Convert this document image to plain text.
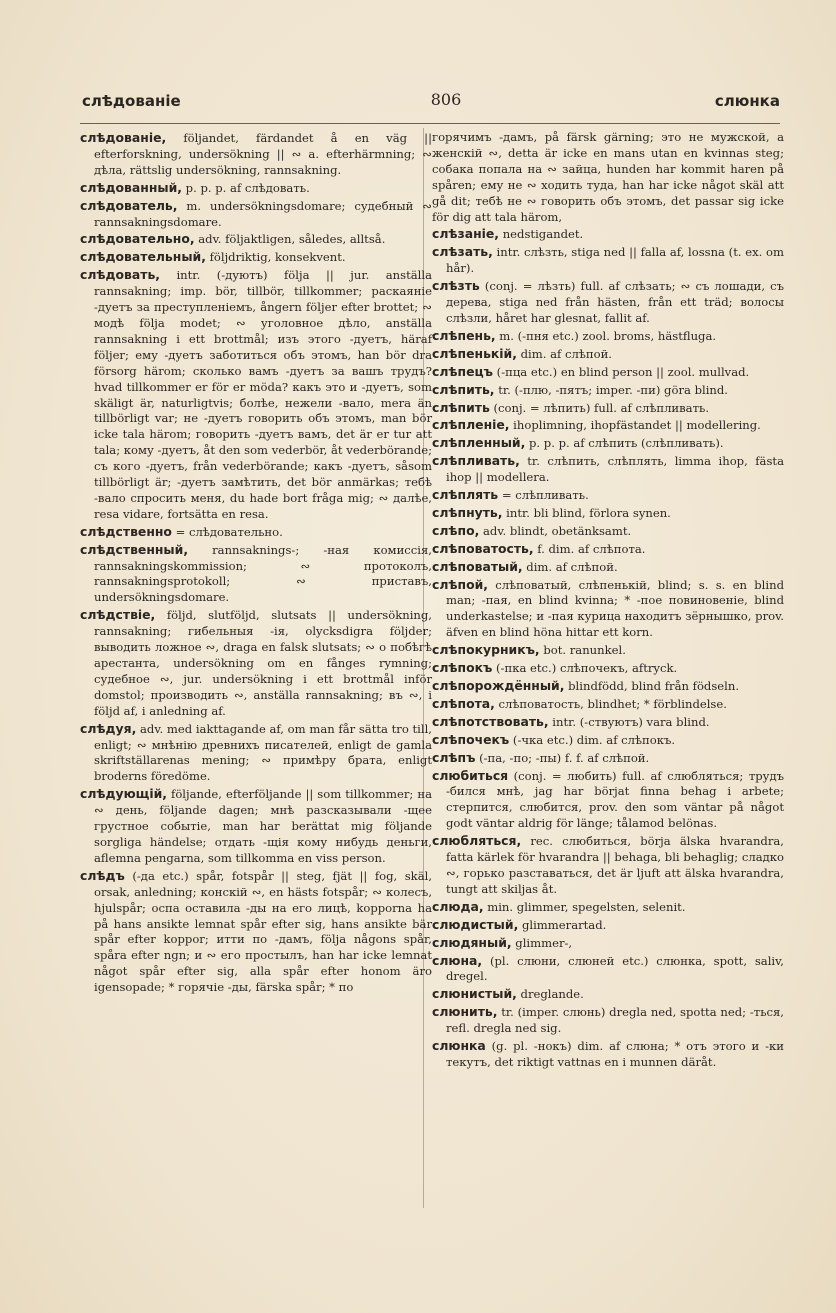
слѣдованіе	806	слюнка

слѣдованіе, följandet, färdandet å en väg || efterforskning, undersökning || ∾ a. efterhärmning; ∾ дѣла, rättslig undersökning, rannsakning.

слѣдованный, p. p. p. af слѣдовать.

слѣдователь, m. undersökningsdomare; судебный ∾ rannsakningsdomare.

слѣдовательно, adv. följaktligen, således, alltså.

слѣдовательный, följdriktig, konsekvent.

слѣдовать, intr. (-дуютъ) följa || jur. anställa rannsakning; imp. bör, tillbör, tillkommer; раскаяніе -дуетъ за преступленіемъ, ångern följer efter brottet; ∾ модѣ följa modet; ∾ уголовное дѣло, anställa rannsakning i ett brottmål; изъ этого -дуетъ, häraf följer; ему -дуетъ заботиться объ этомъ, han bör dra försorg härom; сколько вамъ -дуетъ за вашъ трудъ? hvad tillkommer er för er möda? какъ это и -дуетъ, som skäligt är, naturligtvis; болѣе, нежели -вало, mera än tillbörligt var; не -дуетъ говорить объ этомъ, man bör icke tala härom; говорить -дуетъ вамъ, det är er tur att tala; кому -дуетъ, åt den som vederbör, åt vederbörande; съ кого -дуетъ, från vederbörande; какъ -дуетъ, såsom tillbörligt är; -дуетъ замѣтить, det bör anmärkas; тебѣ -вало спросить меня, du hade bort fråga mig; ∾ далѣе, resa vidare, fortsätta en resa.

слѣдственно = слѣдовательно.

слѣдственный, rannsaknings-; -ная комиссія, rannsakningskommission; ∾ протоколъ, rannsakningsprotokoll; ∾ приставъ, undersökningsdomare.

слѣдствіе, följd, slutföljd, slutsats || undersökning, rannsakning; гибельныя -ія, olycksdigra följder; выводить ложное ∾, draga en falsk slutsats; ∾ о побѣгѣ арестанта, undersökning om en fånges rymning; судебное ∾, jur. undersökning i ett brottmål inför domstol; производить ∾, anställa rannsakning; въ ∾, i följd af, i anledning af.

слѣдуя, adv. med iakttagande af, om man får sätta tro till, enligt; ∾ мнѣнію древнихъ писателей, enligt de gamla skriftställarenas mening; ∾ примѣру брата, enligt broderns föredöme.

слѣдующій, följande, efterföljande || som tillkommer; на ∾ день, följande dagen; мнѣ разсказывали -щее грустное событіе, man har berättat mig följande sorgliga händelse; отдать -щія кому нибудь деньги, aflemna pengarna, som tillkomma en viss person.

слѣдъ (-да etc.) spår, fotspår || steg, fjät || fog, skäl, orsak, anledning; конскій ∾, en hästs fotspår; ∾ колесъ, hjulspår; оспа оставила -ды на его лицѣ, kopporna ha på hans ansikte lemnat spår efter sig, hans ansikte bär spår efter koppor; итти по -дамъ, följa någons spår, spåra efter ngn; и ∾ его простылъ, han har icke lemnat något spår efter sig, alla spår efter honom äro igensopade; * горячіе -ды, färska spår; * по

горячимъ -дамъ, på färsk gärning; это не мужской, а женскій ∾, detta är icke en mans utan en kvinnas steg; собака попала на ∾ зайца, hunden har kommit haren på spåren; ему не ∾ ходить туда, han har icke något skäl att gå dit; тебѣ не ∾ говорить объ этомъ, det passar sig icke för dig att tala härom,

слѣзаніе, nedstigandet.

слѣзать, intr. слѣзть, stiga ned || falla af, lossna (t. ex. om hår).

слѣзть (conj. = лѣзть) full. af слѣзать; ∾ съ лошади, съ дерева, stiga ned från hästen, från ett träd; волосы слѣзли, håret har glesnat, fallit af.

слѣпень, m. (-пня etc.) zool. broms, hästfluga.

слѣпенькій, dim. af слѣпой.

слѣпецъ (-пца etc.) en blind person || zool. mullvad.

слѣпить, tr. (-плю, -пятъ; imper. -пи) göra blind.

слѣпить (conj. = лѣпить) full. af слѣпливать.

слѣпленіе, ihoplimning, ihopfästandet || modellering.

слѣпленный, p. p. p. af слѣпить (слѣпливать).

слѣпливать, tr. слѣпить, слѣплять, limma ihop, fästa ihop || modellera.

слѣплять = слѣпливать.

слѣпнуть, intr. bli blind, förlora synen.

слѣпо, adv. blindt, obetänksamt.

слѣповатость, f. dim. af слѣпота.

слѣповатый, dim. af слѣпой.

слѣпой, слѣповатый, слѣпенькій, blind; s. s. en blind man; -пая, en blind kvinna; * -пое повиновеніе, blind underkastelse; и -пая курица находитъ зёрнышко, prov. äfven en blind höna hittar ett korn.

слѣпокурникъ, bot. ranunkel.

слѣпокъ (-пка etc.) слѣпочекъ, aftryck.

слѣпорождённый, blindfödd, blind från födseln.

слѣпота, слѣповатость, blindhet; * förblindelse.

слѣпотствовать, intr. (-ствуютъ) vara blind.

слѣпочекъ (-чка etc.) dim. af слѣпокъ.

слѣпъ (-па, -по; -пы) f. f. af слѣпой.

слюбиться (conj. = любить) full. af слюбляться; трудъ -бился мнѣ, jag har börjat finna behag i arbete; стерпится, слюбится, prov. den som väntar på något godt väntar aldrig för länge; tålamod belönas.

слюбляться, rec. слюбиться, börja älska hvarandra, fatta kärlek för hvarandra || behaga, bli behaglig; сладко ∾, горько разставаться, det är ljuft att älska hvarandra, tungt att skiljas åt.

слюда, min. glimmer, spegelsten, selenit.

слюдистый, glimmerartad.

слюдяный, glimmer-,

слюна, (pl. слюни, слюней etc.) слюнка, spott, saliv, dregel.

слюнистый, dreglande.

слюнить, tr. (imper. слюнь) dregla ned, spotta ned; -ться, refl. dregla ned sig.

слюнка (g. pl. -нокъ) dim. af слюна; * отъ этого и -ки текутъ, det riktigt vattnas en i munnen däråt.
